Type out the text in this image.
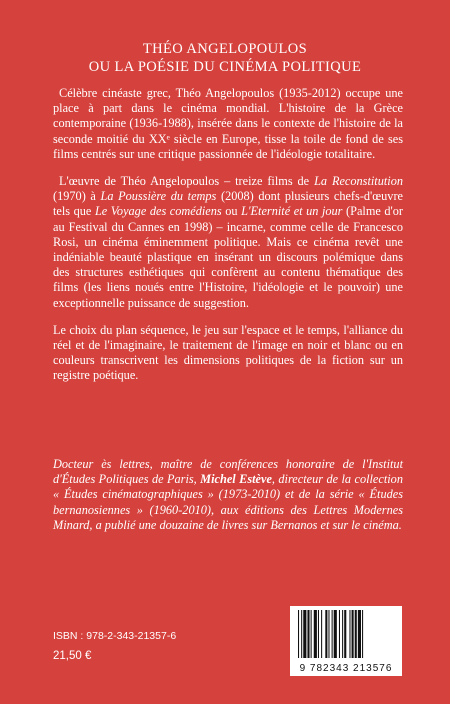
THÉO ANGELOPOULOS
OU LA POÉSIE DU CINÉMA POLITIQUE

Célèbre cinéaste grec, Théo Angelopoulos (1935-2012) occupe une place à part dans le cinéma mondial. L'histoire de la Grèce contemporaine (1936-1988), insérée dans le contexte de l'histoire de la seconde moitié du XXᵉ siècle en Europe, tisse la toile de fond de ses films centrés sur une critique passionnée de l'idéologie totalitaire.

L'œuvre de Théo Angelopoulos – treize films de La Reconstitution (1970) à La Poussière du temps (2008) dont plusieurs chefs-d'œuvre tels que Le Voyage des comédiens ou L'Eternité et un jour (Palme d'or au Festival du Cannes en 1998) – incarne, comme celle de Francesco Rosi, un cinéma éminemment politique. Mais ce cinéma revêt une indéniable beauté plastique en insérant un discours polémique dans des structures esthétiques qui confèrent au contenu thématique des films (les liens noués entre l'Histoire, l'idéologie et le pouvoir) une exceptionnelle puissance de suggestion.

Le choix du plan séquence, le jeu sur l'espace et le temps, l'alliance du réel et de l'imaginaire, le traitement de l'image en noir et blanc ou en couleurs transcrivent les dimensions politiques de la fiction sur un registre poétique.

Docteur ès lettres, maître de conférences honoraire de l'Institut d'Études Politiques de Paris, Michel Estève, directeur de la collection « Études cinématographiques » (1973-2010) et de la série « Études bernanosiennes » (1960-2010), aux éditions des Lettres Modernes Minard, a publié une douzaine de livres sur Bernanos et sur le cinéma.
ISBN : 978-2-343-21357-6
21,50 €
9 782343 213576
